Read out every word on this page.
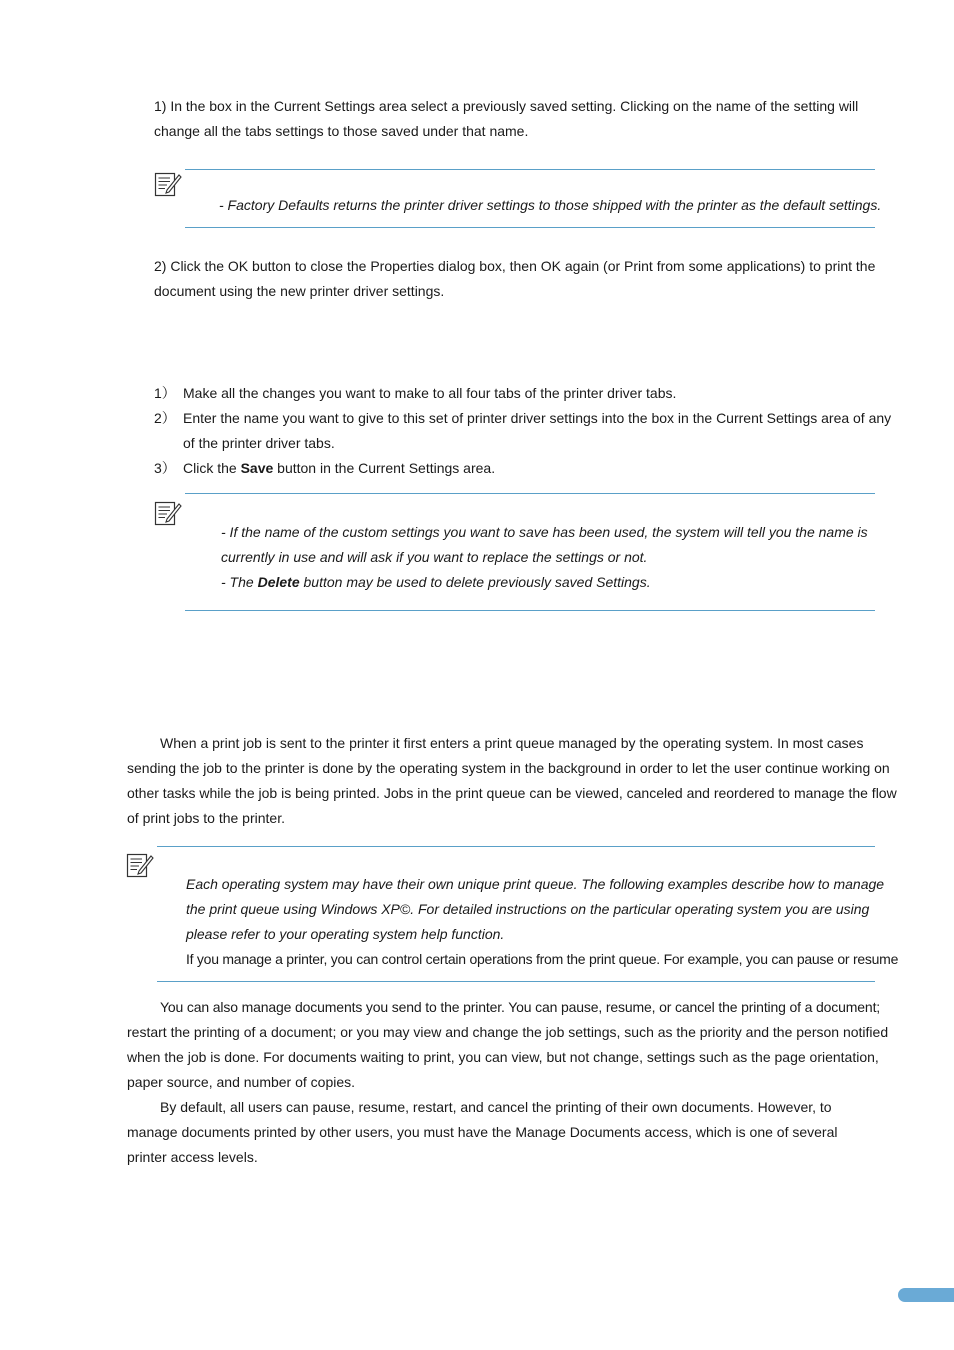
1) In the box in the Current Settings area select a previously saved setting. Clicking on the name of the setting will

change all the tabs settings to those saved under that name.

- Factory Defaults returns the printer driver settings to those shipped with the printer as the default settings.

2) Click the OK button to close the Properties dialog box, then OK again (or Print from some applications) to print the

document using the new printer driver settings.

1） Make all the changes you want to make to all four tabs of the printer driver tabs.

2） Enter the name you want to give to this set of printer driver settings into the box in the Current Settings area of any

of the printer driver tabs.

3） Click the Save button in the Current Settings area.

- If the name of the custom settings you want to save has been used, the system will tell you the name is

currently in use and will ask if you want to replace the settings or not.

- The Delete button may be used to delete previously saved Settings.

When a print job is sent to the printer it first enters a print queue managed by the operating system. In most cases

sending the job to the printer is done by the operating system in the background in order to let the user continue working on

other tasks while the job is being printed. Jobs in the print queue can be viewed, canceled and reordered to manage the flow

of print jobs to the printer.

Each operating system may have their own unique print queue. The following examples describe how to manage

the print queue using Windows XP©. For detailed instructions on the particular operating system you are using

please refer to your operating system help function.

If you manage a printer, you can control certain operations from the print queue. For example, you can pause or resume

You can also manage documents you send to the printer. You can pause, resume, or cancel the printing of a document;

restart the printing of a document; or you may view and change the job settings, such as the priority and the person notified

when the job is done. For documents waiting to print, you can view, but not change, settings such as the page orientation,

paper source, and number of copies.

By default, all users can pause, resume, restart, and cancel the printing of their own documents. However, to

manage documents printed by other users, you must have the Manage Documents access, which is one of several

printer access levels.
